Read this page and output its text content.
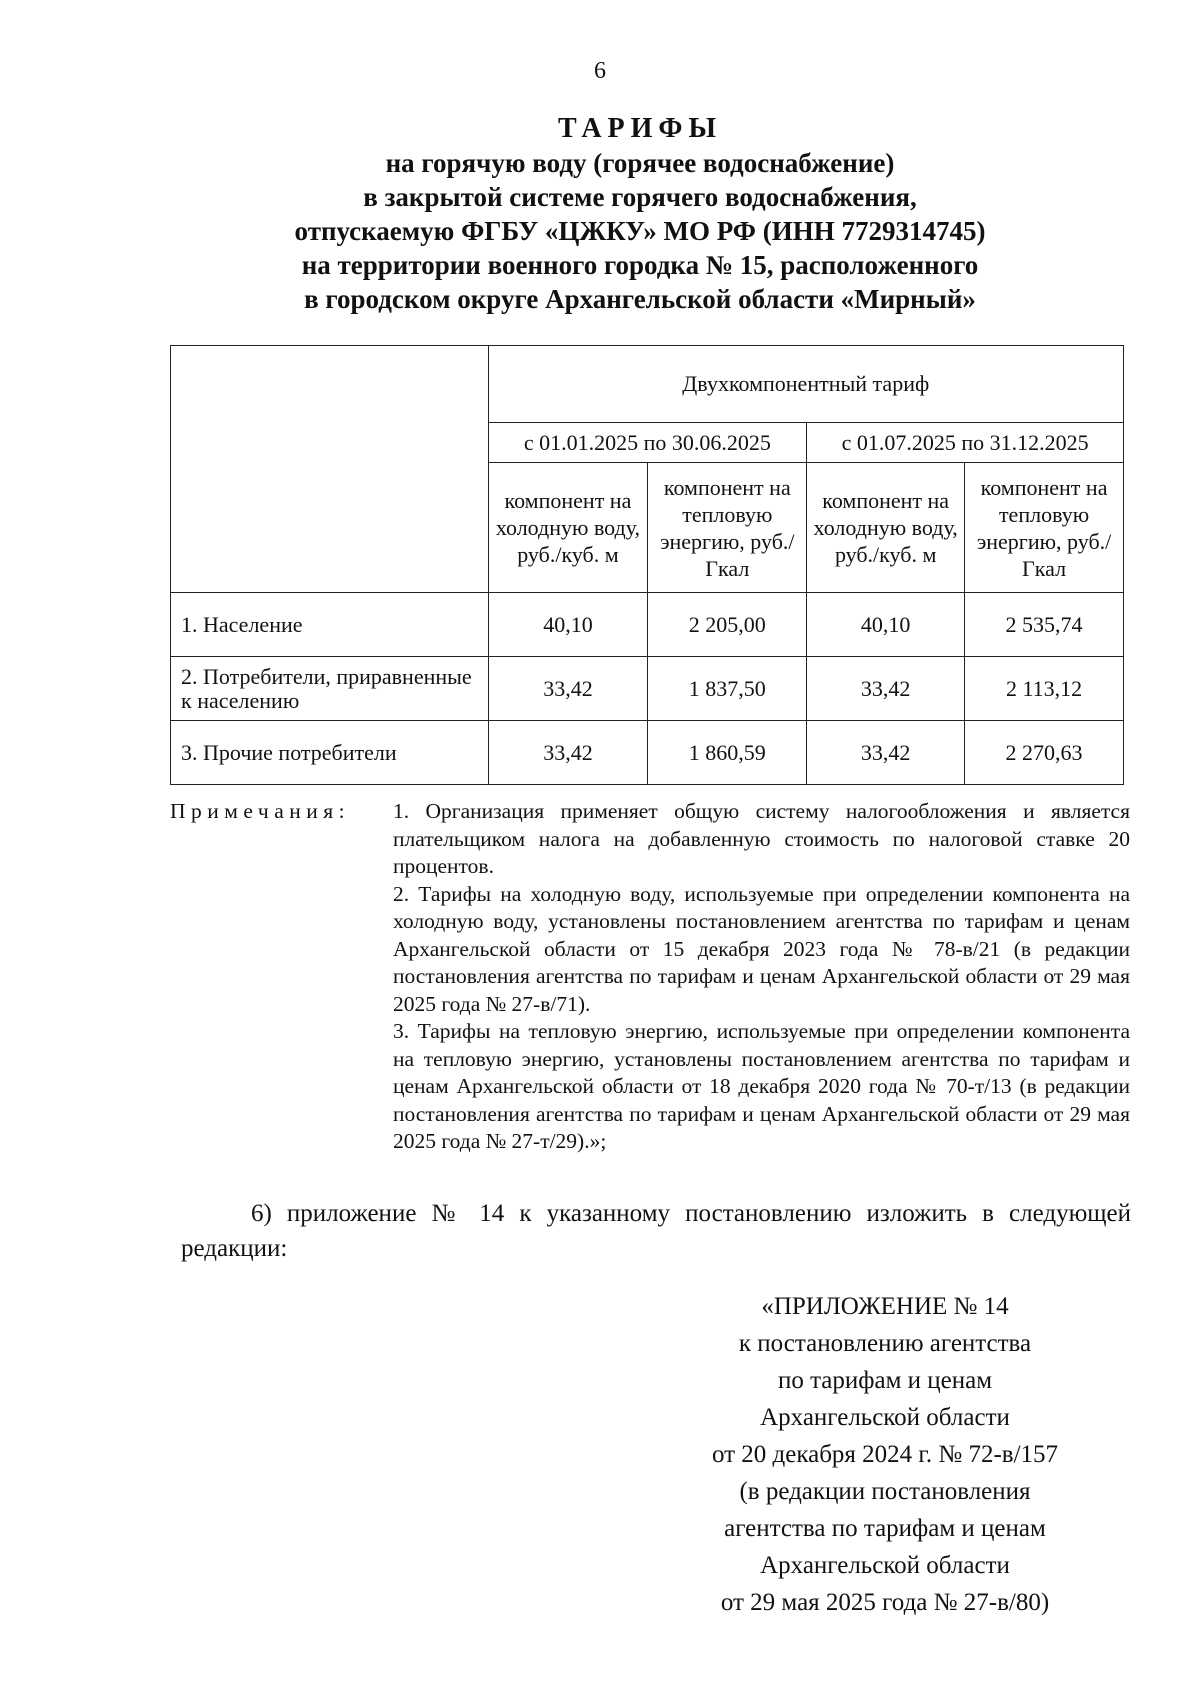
6
ТАРИФЫ
на горячую воду (горячее водоснабжение)
в закрытой системе горячего водоснабжения,
отпускаемую ФГБУ «ЦЖКУ» МО РФ (ИНН 7729314745)
на территории военного городка № 15, расположенного
в городском округе Архангельской области «Мирный»
	Двухкомпонентный тариф			
	с 01.01.2025 по 30.06.2025		с 01.07.2025 по 31.12.2025	
	компонент на холодную воду, руб./куб. м	компонент на тепловую энергию, руб./Гкал	компонент на холодную воду, руб./куб. м	компонент на тепловую энергию, руб./Гкал
1. Население	40,10	2 205,00	40,10	2 535,74
2. Потребители, приравненные к населению	33,42	1 837,50	33,42	2 113,12
3. Прочие потребители	33,42	1 860,59	33,42	2 270,63
Примечания: 1. Организация применяет общую систему налогообложения и является плательщиком налога на добавленную стоимость по налоговой ставке 20 процентов.

2. Тарифы на холодную воду, используемые при определении компонента на холодную воду, установлены постановлением агентства по тарифам и ценам Архангельской области от 15 декабря 2023 года № 78-в/21 (в редакции постановления агентства по тарифам и ценам Архангельской области от 29 мая 2025 года № 27-в/71).

3. Тарифы на тепловую энергию, используемые при определении компонента на тепловую энергию, установлены постановлением агентства по тарифам и ценам Архангельской области от 18 декабря 2020 года № 70-т/13 (в редакции постановления агентства по тарифам и ценам Архангельской области от 29 мая 2025 года № 27-т/29).»;

6) приложение № 14 к указанному постановлению изложить в следующей редакции:
«ПРИЛОЖЕНИЕ № 14
к постановлению агентства
по тарифам и ценам
Архангельской области
от 20 декабря 2024 г. № 72-в/157
(в редакции постановления
агентства по тарифам и ценам
Архангельской области
от 29 мая 2025 года № 27-в/80)
